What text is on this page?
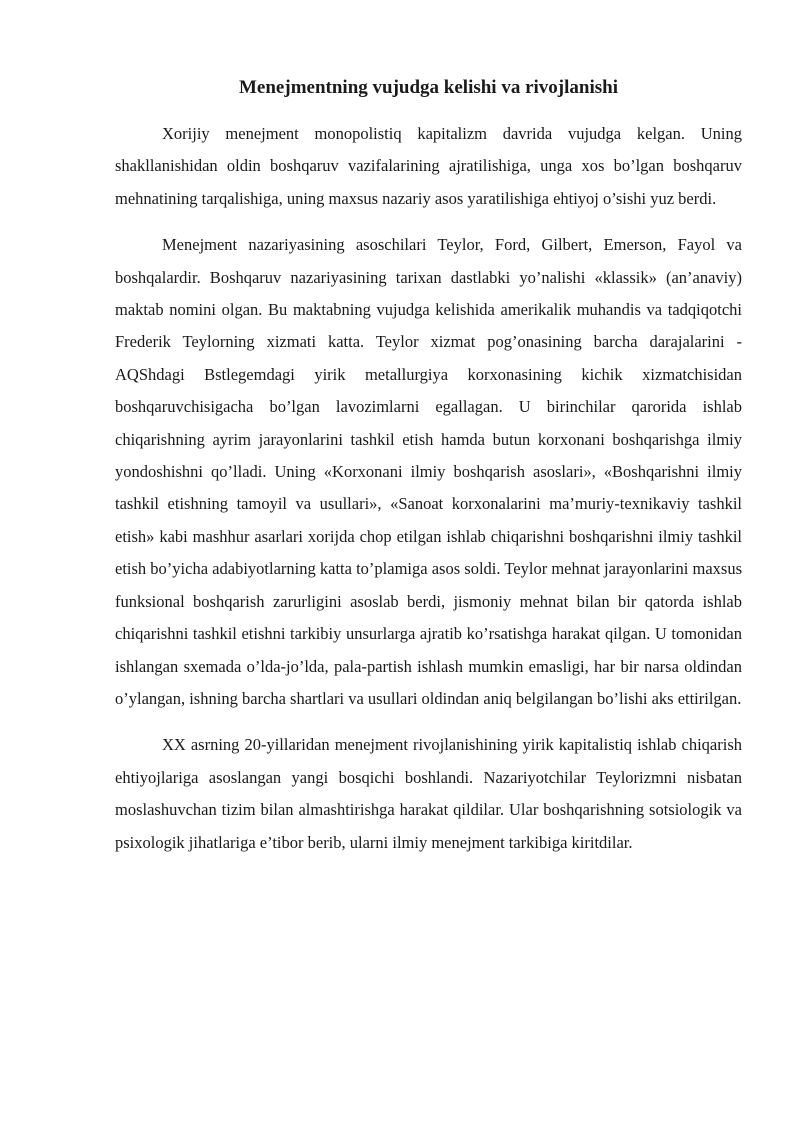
Menejmentning vujudga kelishi va rivojlanishi

Xorijiy menejment monopolistiq kapitalizm davrida vujudga kelgan. Uning shakllanishidan oldin boshqaruv vazifalarining ajratilishiga, unga xos bo’lgan boshqaruv mehnatining tarqalishiga, uning maxsus nazariy asos yaratilishiga ehtiyoj o’sishi yuz berdi.

Menejment nazariyasining asoschilari Teylor, Ford, Gilbert, Emerson, Fayol va boshqalardir. Boshqaruv nazariyasining tarixan dastlabki yo’nalishi «klassik» (an’anaviy) maktab nomini olgan. Bu maktabning vujudga kelishida amerikalik muhandis va tadqiqotchi Frederik Teylorning xizmati katta. Teylor xizmat pog’onasining barcha darajalarini - AQShdagi Bstlegemdagi yirik metallurgiya korxonasining kichik xizmatchisidan boshqaruvchisigacha bo’lgan lavozimlarni egallagan. U birinchilar qarorida ishlab chiqarishning ayrim jarayonlarini tashkil etish hamda butun korxonani boshqarishga ilmiy yondoshishni qo’lladi. Uning «Korxonani ilmiy boshqarish asoslari», «Boshqarishni ilmiy tashkil etishning tamoyil va usullari», «Sanoat korxonalarini ma’muriy-texnikaviy tashkil etish» kabi mashhur asarlari xorijda chop etilgan ishlab chiqarishni boshqarishni ilmiy tashkil etish bo’yicha adabiyotlarning katta to’plamiga asos soldi. Teylor mehnat jarayonlarini maxsus funksional boshqarish zarurligini asoslab berdi, jismoniy mehnat bilan bir qatorda ishlab chiqarishni tashkil etishni tarkibiy unsurlarga ajratib ko’rsatishga harakat qilgan. U tomonidan ishlangan sxemada o’lda-jo’lda, pala-partish ishlash mumkin emasligi, har bir narsa oldindan o’ylangan, ishning barcha shartlari va usullari oldindan aniq belgilangan bo’lishi aks ettirilgan.

XX asrning 20-yillaridan menejment rivojlanishining yirik kapitalistiq ishlab chiqarish ehtiyojlariga asoslangan yangi bosqichi boshlandi. Nazariyotchilar Teylorizmni nisbatan moslashuvchan tizim bilan almashtirishga harakat qildilar. Ular boshqarishning sotsiologik va psixologik jihatlariga e’tibor berib, ularni ilmiy menejment tarkibiga kiritdilar.
